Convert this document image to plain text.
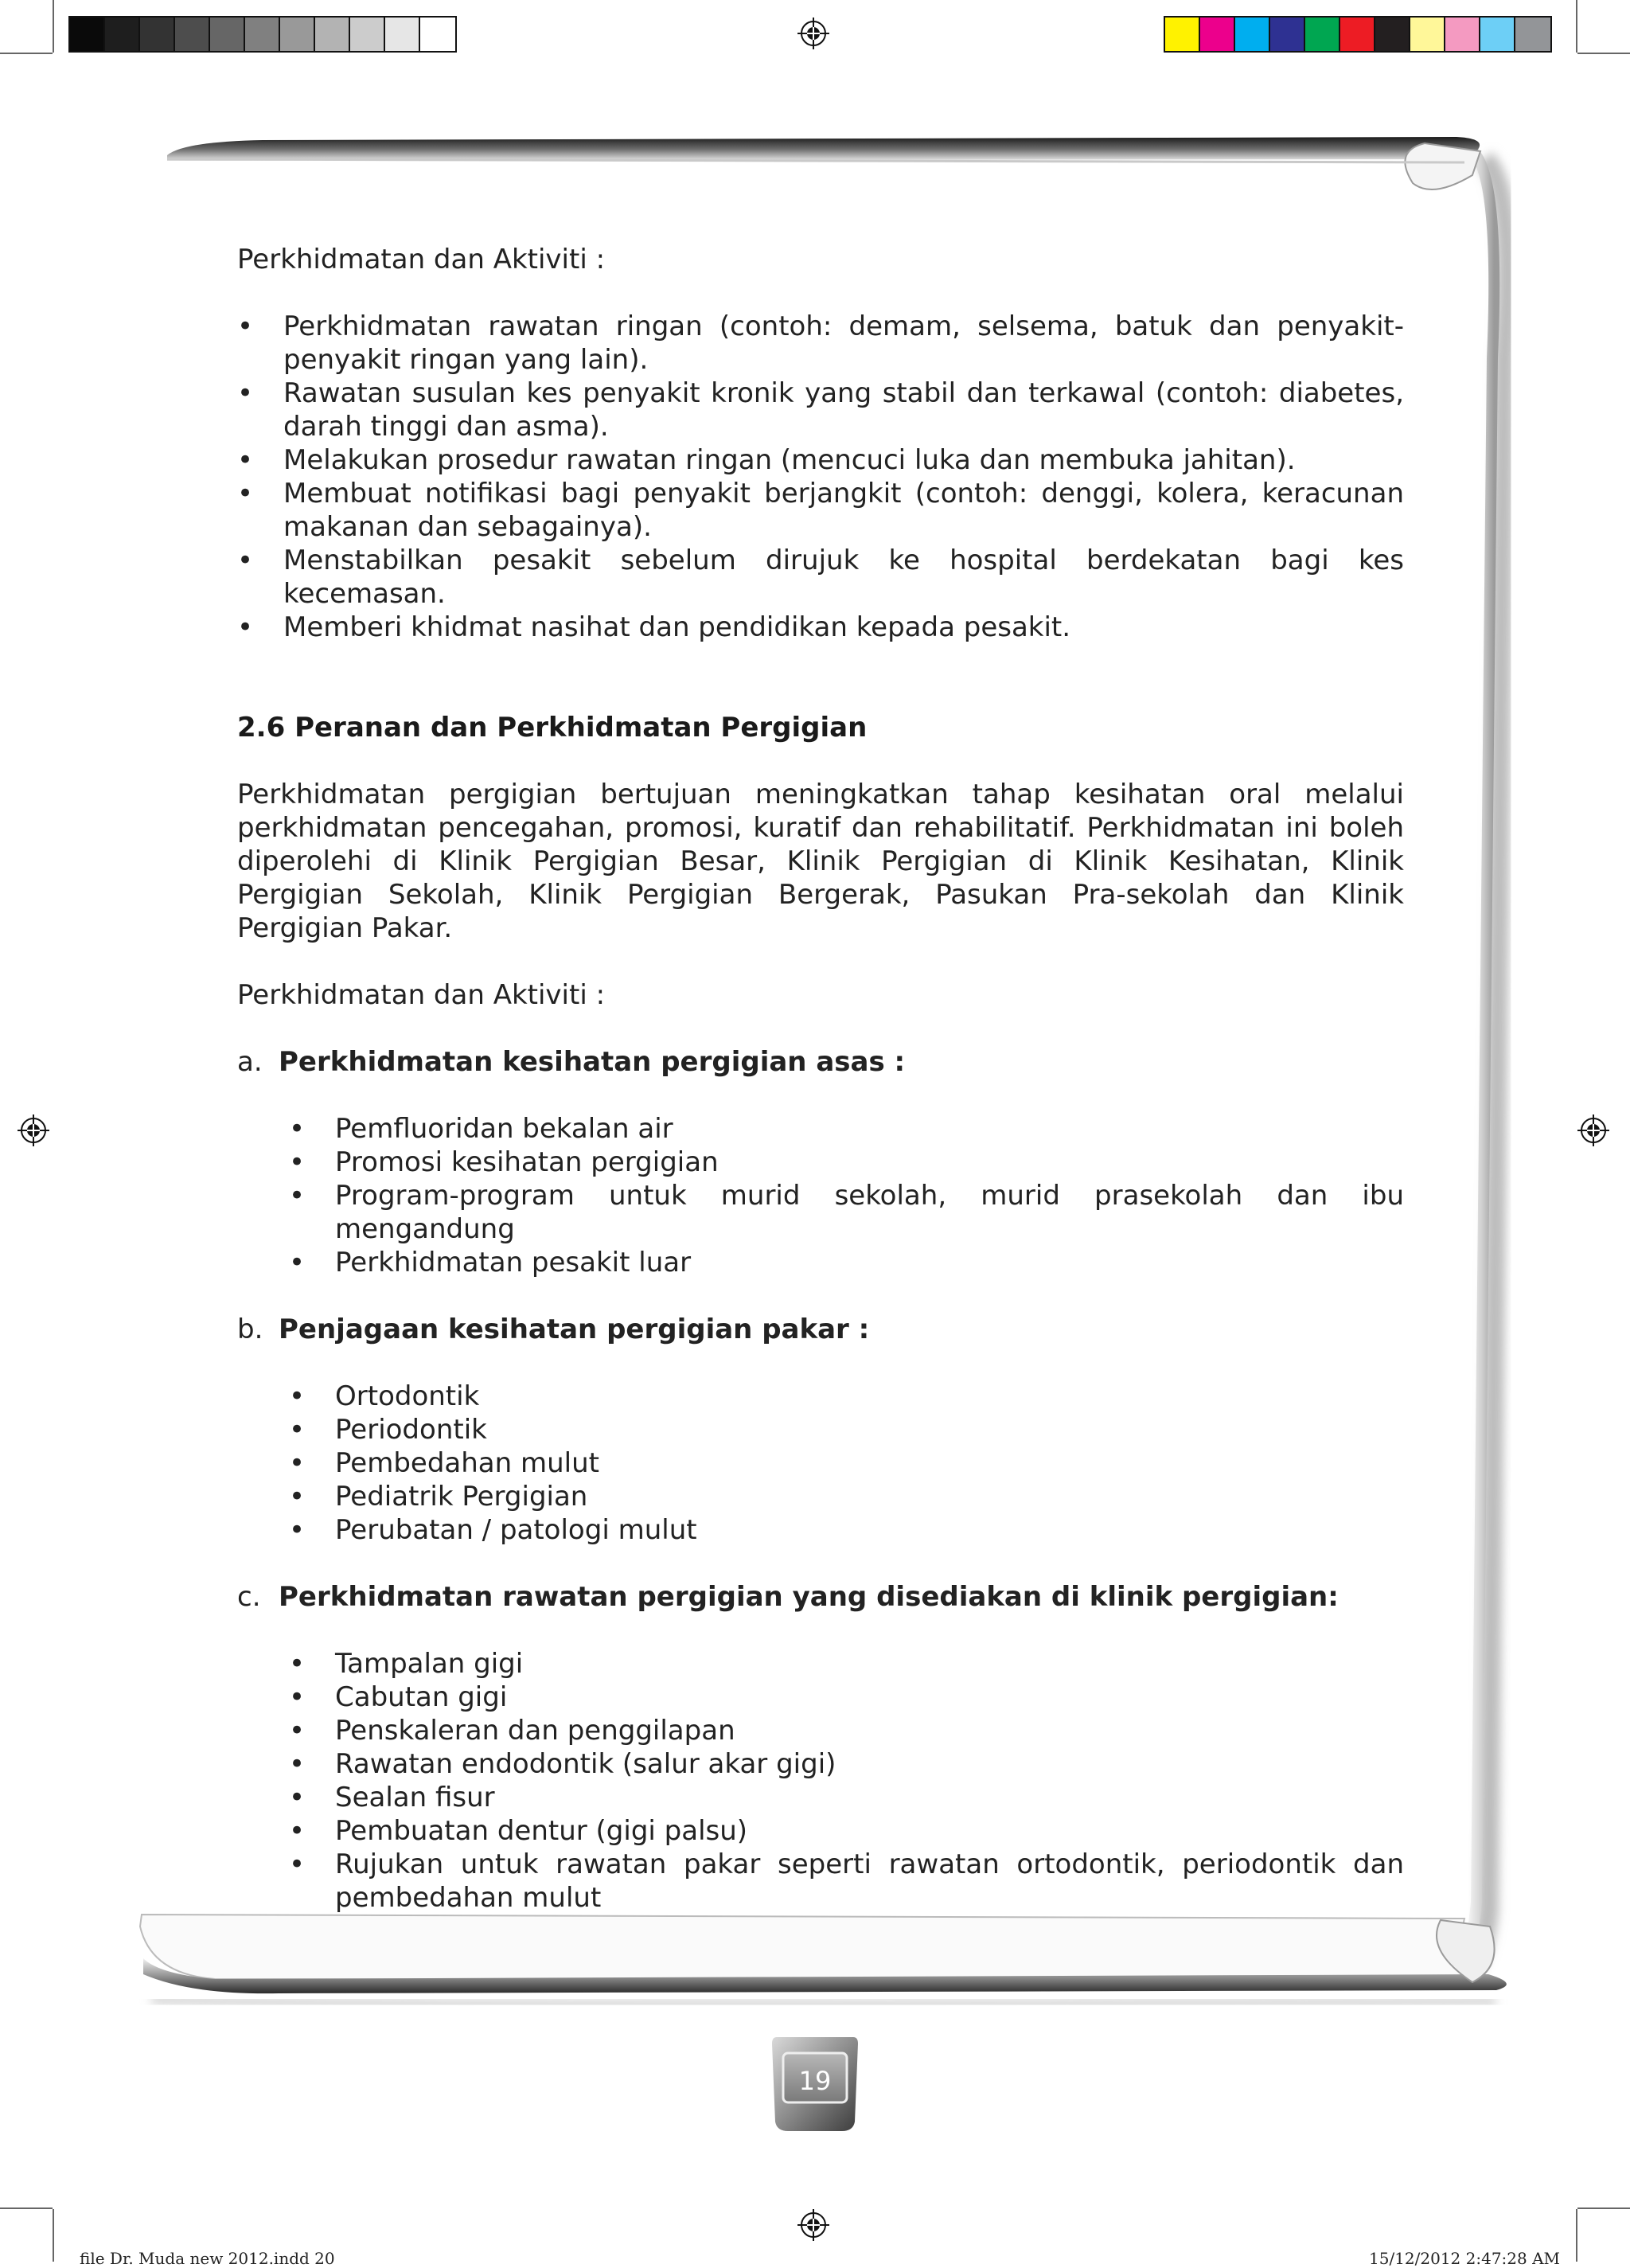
Perkhidmatan dan Aktiviti :

• Perkhidmatan rawatan ringan (contoh: demam, selsema, batuk dan penyakit-penyakit ringan yang lain).
• Rawatan susulan kes penyakit kronik yang stabil dan terkawal (contoh: diabetes, darah tinggi dan asma).
• Melakukan prosedur rawatan ringan (mencuci luka dan membuka jahitan).
• Membuat notifikasi bagi penyakit berjangkit (contoh: denggi, kolera, keracunan makanan dan sebagainya).
• Menstabilkan pesakit sebelum dirujuk ke hospital berdekatan bagi kes kecemasan.
• Memberi khidmat nasihat dan pendidikan kepada pesakit.

2.6 Peranan dan Perkhidmatan Pergigian

Perkhidmatan pergigian bertujuan meningkatkan tahap kesihatan oral melalui perkhidmatan pencegahan, promosi, kuratif dan rehabilitatif. Perkhidmatan ini boleh diperolehi di Klinik Pergigian Besar, Klinik Pergigian di Klinik Kesihatan, Klinik Pergigian Sekolah, Klinik Pergigian Bergerak, Pasukan Pra-sekolah dan Klinik Pergigian Pakar.

Perkhidmatan dan Aktiviti :

a. Perkhidmatan kesihatan pergigian asas :

• Pemfluoridan bekalan air
• Promosi kesihatan pergigian
• Program-program untuk murid sekolah, murid prasekolah dan ibu mengandung
• Perkhidmatan pesakit luar

b. Penjagaan kesihatan pergigian pakar :

• Ortodontik
• Periodontik
• Pembedahan mulut
• Pediatrik Pergigian
• Perubatan / patologi mulut

c. Perkhidmatan rawatan pergigian yang disediakan di klinik pergigian:

• Tampalan gigi
• Cabutan gigi
• Penskaleran dan penggilapan
• Rawatan endodontik (salur akar gigi)
• Sealan fisur
• Pembuatan dentur (gigi palsu)
• Rujukan untuk rawatan pakar seperti rawatan ortodontik, periodontik dan pembedahan mulut
19
file Dr. Muda new 2012.indd 20	15/12/2012 2:47:28 AM
